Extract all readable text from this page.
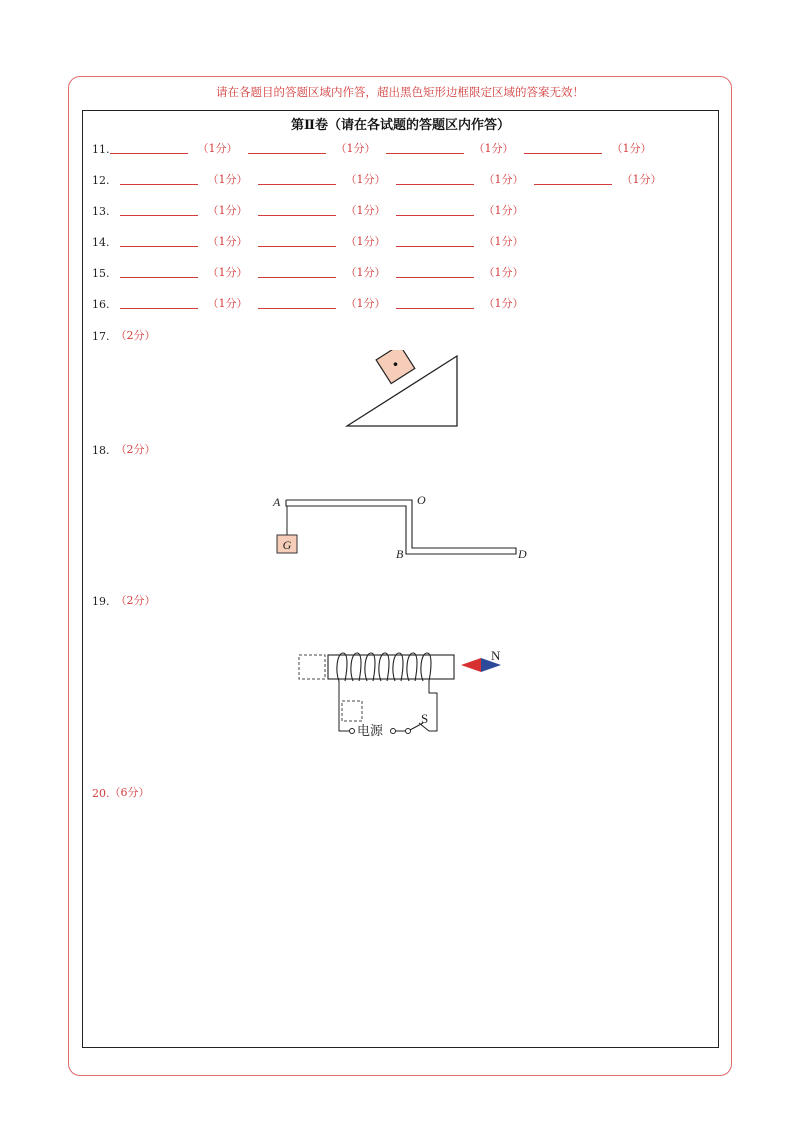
请在各题目的答题区域内作答，超出黑色矩形边框限定区域的答案无效！
第Ⅱ卷（请在各试题的答题区内作答）
11.	（1分）	（1分）	（1分）	（1分）
12.	（1分）	（1分）	（1分）	（1分）
13.	（1分）	（1分）	（1分）
14.	（1分）	（1分）	（1分）
15.	（1分）	（1分）	（1分）
16.	（1分）	（1分）	（1分）
17. （2分）
18. （2分）
G
A	O
B	D
19. （2分）
电源
S
N
20. （6分）
